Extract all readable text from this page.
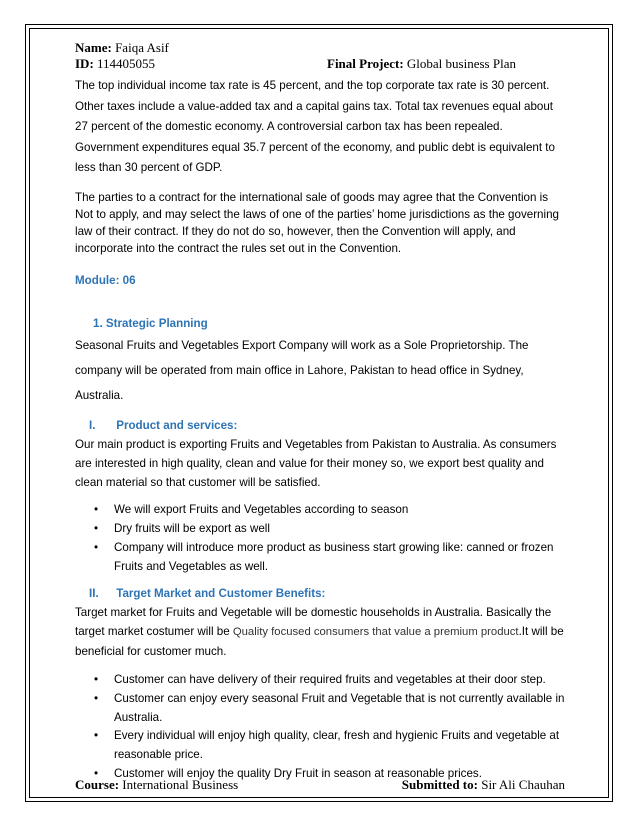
Name: Faiqa Asif
ID: 114405055	Final Project: Global business Plan

The top individual income tax rate is 45 percent, and the top corporate tax rate is 30 percent. Other taxes include a value-added tax and a capital gains tax. Total tax revenues equal about 27 percent of the domestic economy. A controversial carbon tax has been repealed. Government expenditures equal 35.7 percent of the economy, and public debt is equivalent to less than 30 percent of GDP.

The parties to a contract for the international sale of goods may agree that the Convention is Not to apply, and may select the laws of one of the parties’ home jurisdictions as the governing law of their contract. If they do not do so, however, then the Convention will apply, and incorporate into the contract the rules set out in the Convention.

Module: 06

1. Strategic Planning

Seasonal Fruits and Vegetables Export Company will work as a Sole Proprietorship. The company will be operated from main office in Lahore, Pakistan to head office in Sydney, Australia.

I. Product and services:

Our main product is exporting Fruits and Vegetables from Pakistan to Australia. As consumers are interested in high quality, clean and value for their money so, we export best quality and clean material so that customer will be satisfied.

• We will export Fruits and Vegetables according to season
• Dry fruits will be export as well
• Company will introduce more product as business start growing like: canned or frozen Fruits and Vegetables as well.

II. Target Market and Customer Benefits:

Target market for Fruits and Vegetable will be domestic households in Australia. Basically the target market costumer will be Quality focused consumers that value a premium product.It will be beneficial for customer much.

• Customer can have delivery of their required fruits and vegetables at their door step.
• Customer can enjoy every seasonal Fruit and Vegetable that is not currently available in Australia.
• Every individual will enjoy high quality, clear, fresh and hygienic Fruits and vegetable at reasonable price.
• Customer will enjoy the quality Dry Fruit in season at reasonable prices.
Course: International Business	Submitted to: Sir Ali Chauhan
